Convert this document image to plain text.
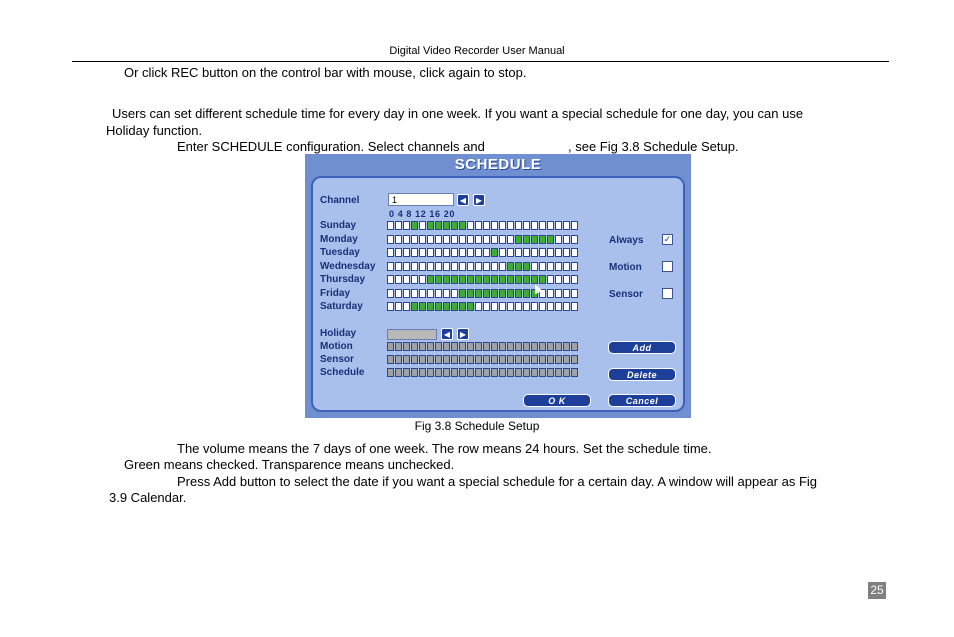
Digital Video Recorder User Manual
Or click REC button on the control bar with mouse, click again to stop.
Users can set different schedule time for every day in one week. If you want a special schedule for one day, you can use
Holiday function.
Enter SCHEDULE configuration. Select channels and	, see Fig 3.8 Schedule Setup.
SCHEDULE
Channel	1	◀	▶
0 4 8 12 16 20
Sunday
Monday
Tuesday
Wednesday
Thursday
Friday
Saturday
Holiday	◀	▶
Motion
Sensor
Schedule
Always ✓
Motion
Sensor
Add
Delete
O K	Cancel
Fig 3.8 Schedule Setup
The volume means the 7 days of one week. The row means 24 hours. Set the schedule time.
Green means checked. Transparence means unchecked.
Press Add button to select the date if you want a special schedule for a certain day. A window will appear as Fig
3.9 Calendar.
25
